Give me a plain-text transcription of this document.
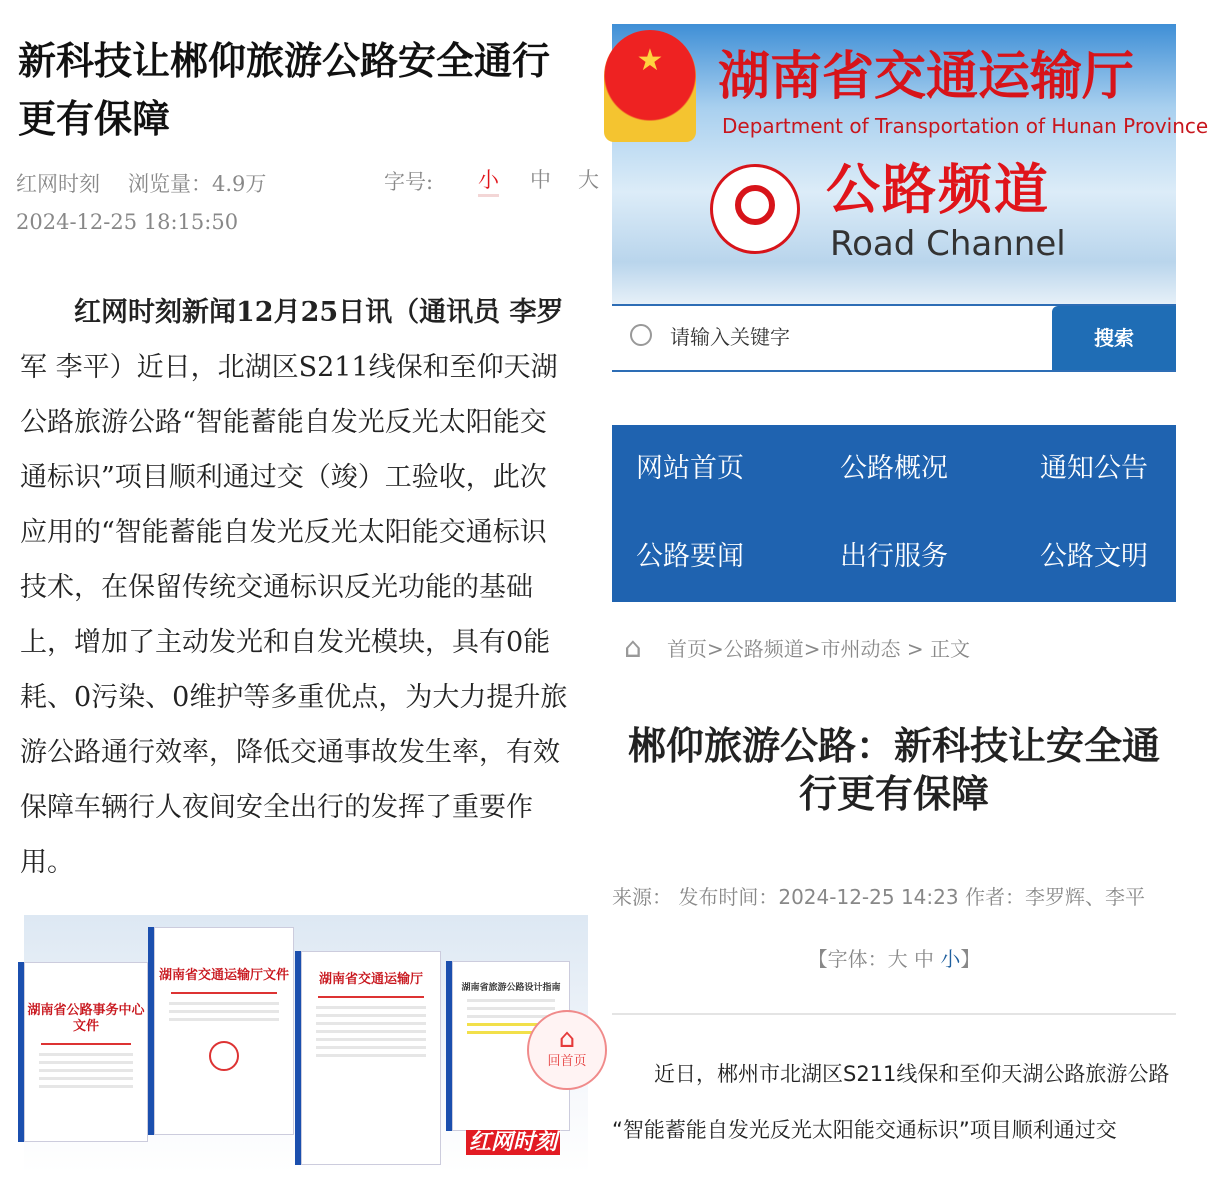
新科技让郴仰旅游公路安全通行
更有保障
红网时刻 浏览量：4.9万
2024-12-25 18:15:50
字号: 小 中 大
　　红网时刻新闻12月25日讯（通讯员 李罗
军 李平）近日，北湖区S211线保和至仰天湖
公路旅游公路“智能蓄能自发光反光太阳能交
通标识”项目顺利通过交（竣）工验收，此次
应用的“智能蓄能自发光反光太阳能交通标识
技术，在保留传统交通标识反光功能的基础
上，增加了主动发光和自发光模块，具有0能
耗、0污染、0维护等多重优点，为大力提升旅
游公路通行效率，降低交通事故发生率，有效
保障车辆行人夜间安全出行的发挥了重要作
用。
湖南省公路事务中心文件
湖南省交通运输厅文件	湖南省交通运输厅
湖南省旅游公路设计指南
⌂
回首页
红网时刻
★	湖南省交通运输厅
Department of Transportation of Hunan Province
公路频道
Road Channel
请输入关键字	搜索
网站首页	公路概况	通知公告
公路要闻	出行服务	公路文明
⌂ 首页>公路频道>市州动态 > 正文
郴仰旅游公路：新科技让安全通行更有保障
来源： 发布时间：2024-12-25 14:23 作者：李罗辉、李平
【字体：大 中 小】
　　近日，郴州市北湖区S211线保和至仰天湖公路旅游公路
“智能蓄能自发光反光太阳能交通标识”项目顺利通过交
